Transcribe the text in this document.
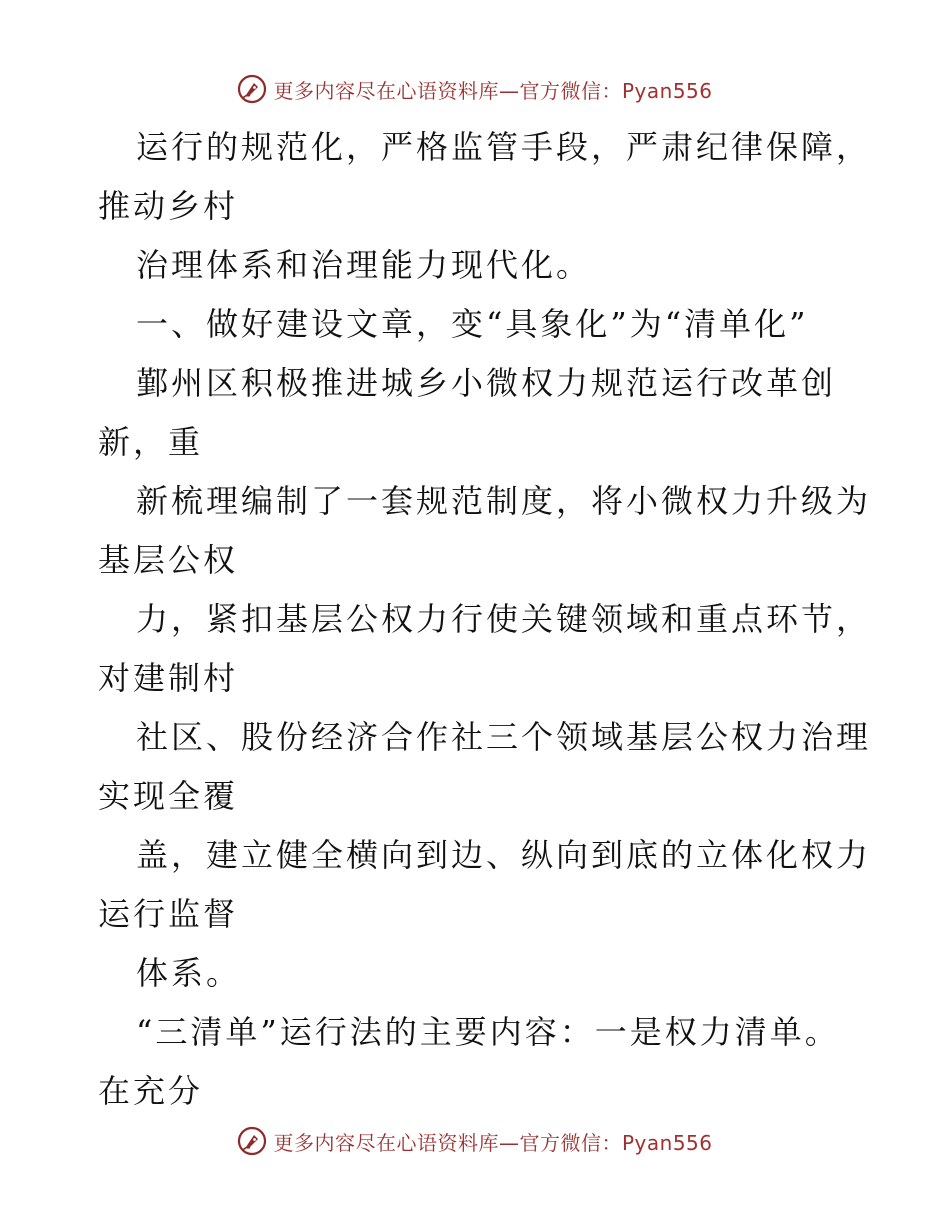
更多内容尽在心语资料库—官方微信：Pyan556
运行的规范化，严格监管手段，严肃纪律保障，
推动乡村
治理体系和治理能力现代化。
一、做好建设文章，变“具象化”为“清单化”
鄞州区积极推进城乡小微权力规范运行改革创
新，重
新梳理编制了一套规范制度，将小微权力升级为
基层公权
力，紧扣基层公权力行使关键领域和重点环节，
对建制村
社区、股份经济合作社三个领域基层公权力治理
实现全覆
盖，建立健全横向到边、纵向到底的立体化权力
运行监督
体系。
“三清单”运行法的主要内容：一是权力清单。
在充分
更多内容尽在心语资料库—官方微信：Pyan556
